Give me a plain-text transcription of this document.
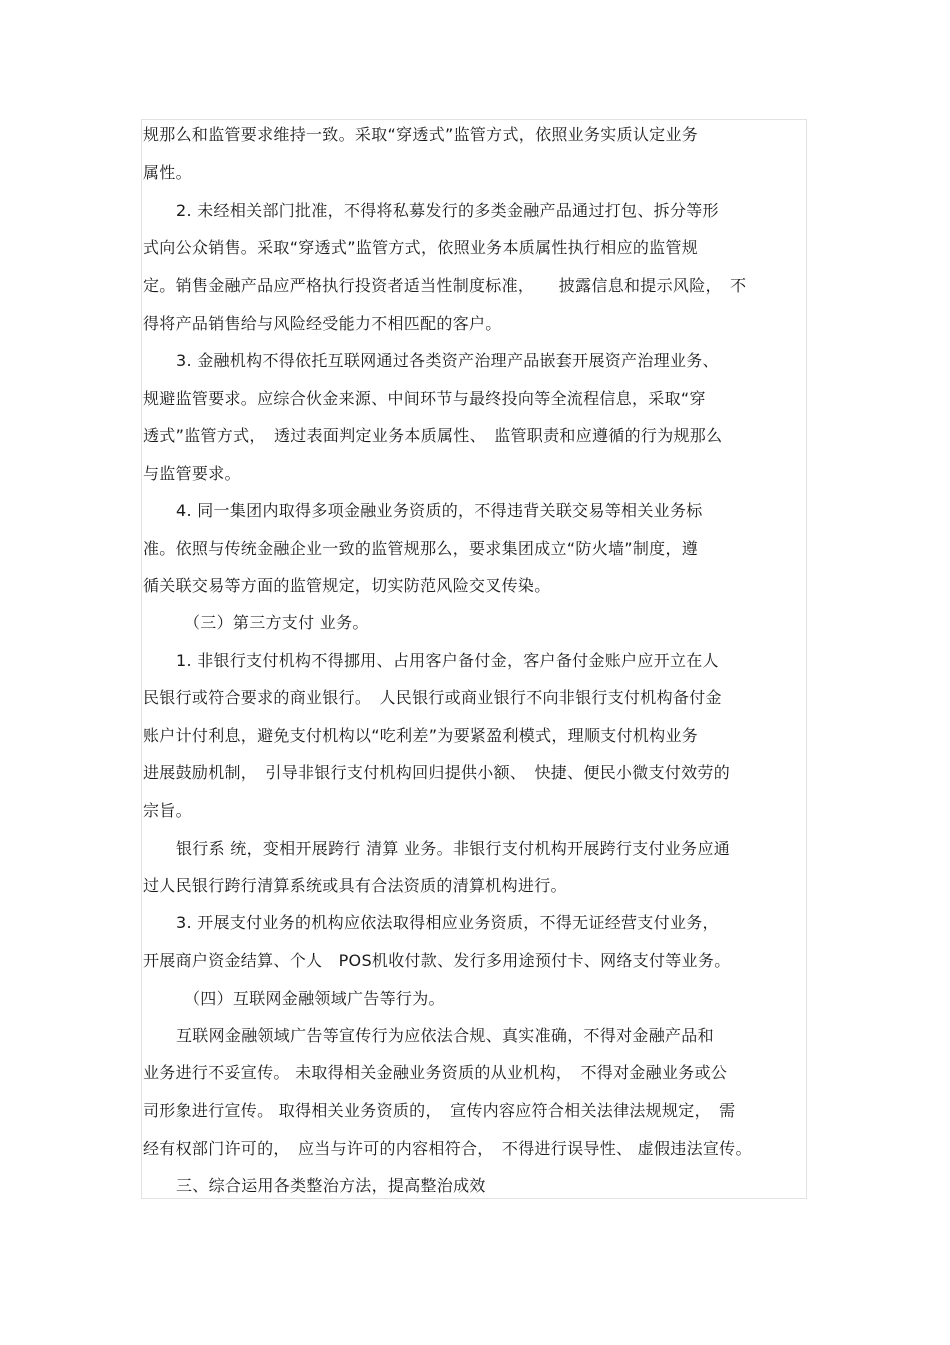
规那么和监管要求维持一致。采取“穿透式”监管方式，依照业务实质认定业务
属性。
2. 未经相关部门批准，不得将私募发行的多类金融产品通过打包、拆分等形
式向公众销售。采取“穿透式”监管方式，依照业务本质属性执行相应的监管规
定。销售金融产品应严格执行投资者适当性制度标准，　　披露信息和提示风险，　不
得将产品销售给与风险经受能力不相匹配的客户。
3. 金融机构不得依托互联网通过各类资产治理产品嵌套开展资产治理业务、
规避监管要求。应综合伙金来源、中间环节与最终投向等全流程信息，采取“穿
透式”监管方式，　透过表面判定业务本质属性、　监管职责和应遵循的行为规那么
与监管要求。
4. 同一集团内取得多项金融业务资质的，不得违背关联交易等相关业务标
准。依照与传统金融企业一致的监管规那么，要求集团成立“防火墙”制度，遵
循关联交易等方面的监管规定，切实防范风险交叉传染。
（三）第三方支付 业务。
1. 非银行支付机构不得挪用、占用客户备付金，客户备付金账户应开立在人
民银行或符合要求的商业银行。　人民银行或商业银行不向非银行支付机构备付金
账户计付利息，避免支付机构以“吃利差”为要紧盈利模式，理顺支付机构业务
进展鼓励机制，　引导非银行支付机构回归提供小额、　快捷、便民小微支付效劳的
宗旨。
银行系 统，变相开展跨行 清算 业务。非银行支付机构开展跨行支付业务应通
过人民银行跨行清算系统或具有合法资质的清算机构进行。
3. 开展支付业务的机构应依法取得相应业务资质，不得无证经营支付业务，
开展商户资金结算、个人　POS机收付款、发行多用途预付卡、网络支付等业务。
（四）互联网金融领域广告等行为。
互联网金融领域广告等宣传行为应依法合规、真实准确，不得对金融产品和
业务进行不妥宣传。 未取得相关金融业务资质的从业机构，　不得对金融业务或公
司形象进行宣传。 取得相关业务资质的，　宣传内容应符合相关法律法规规定，　需
经有权部门许可的，　应当与许可的内容相符合，　不得进行误导性、 虚假违法宣传。
三、综合运用各类整治方法，提高整治成效
